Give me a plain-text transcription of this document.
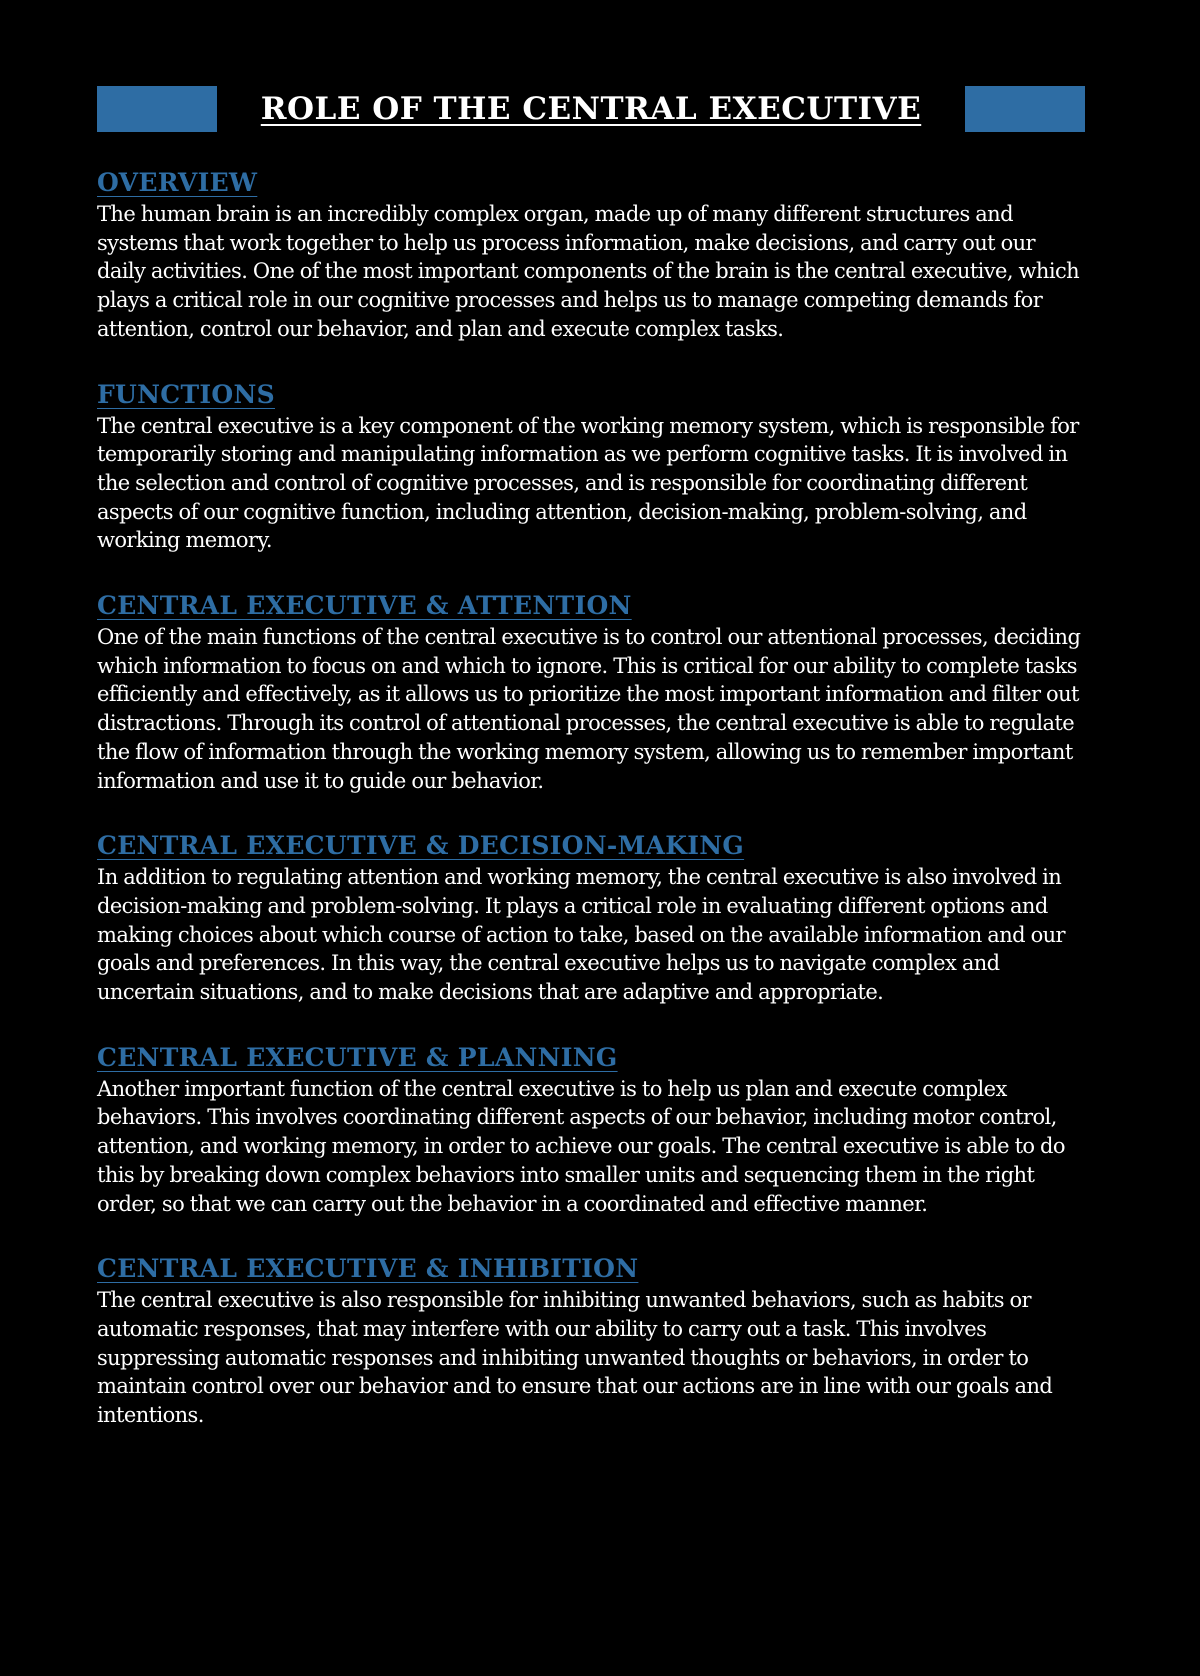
ROLE OF THE CENTRAL EXECUTIVE
OVERVIEW

The human brain is an incredibly complex organ, made up of many different structures and systems that work together to help us process information, make decisions, and carry out our daily activities. One of the most important components of the brain is the central executive, which plays a critical role in our cognitive processes and helps us to manage competing demands for attention, control our behavior, and plan and execute complex tasks.

FUNCTIONS

The central executive is a key component of the working memory system, which is responsible for temporarily storing and manipulating information as we perform cognitive tasks. It is involved in the selection and control of cognitive processes, and is responsible for coordinating different aspects of our cognitive function, including attention, decision-making, problem-solving, and working memory.

CENTRAL EXECUTIVE & ATTENTION

One of the main functions of the central executive is to control our attentional processes, deciding which information to focus on and which to ignore. This is critical for our ability to complete tasks efficiently and effectively, as it allows us to prioritize the most important information and filter out distractions. Through its control of attentional processes, the central executive is able to regulate the flow of information through the working memory system, allowing us to remember important information and use it to guide our behavior.

CENTRAL EXECUTIVE & DECISION-MAKING

In addition to regulating attention and working memory, the central executive is also involved in decision-making and problem-solving. It plays a critical role in evaluating different options and making choices about which course of action to take, based on the available information and our goals and preferences. In this way, the central executive helps us to navigate complex and uncertain situations, and to make decisions that are adaptive and appropriate.

CENTRAL EXECUTIVE & PLANNING

Another important function of the central executive is to help us plan and execute complex behaviors. This involves coordinating different aspects of our behavior, including motor control, attention, and working memory, in order to achieve our goals. The central executive is able to do this by breaking down complex behaviors into smaller units and sequencing them in the right order, so that we can carry out the behavior in a coordinated and effective manner.

CENTRAL EXECUTIVE & INHIBITION

The central executive is also responsible for inhibiting unwanted behaviors, such as habits or automatic responses, that may interfere with our ability to carry out a task. This involves suppressing automatic responses and inhibiting unwanted thoughts or behaviors, in order to maintain control over our behavior and to ensure that our actions are in line with our goals and intentions.
